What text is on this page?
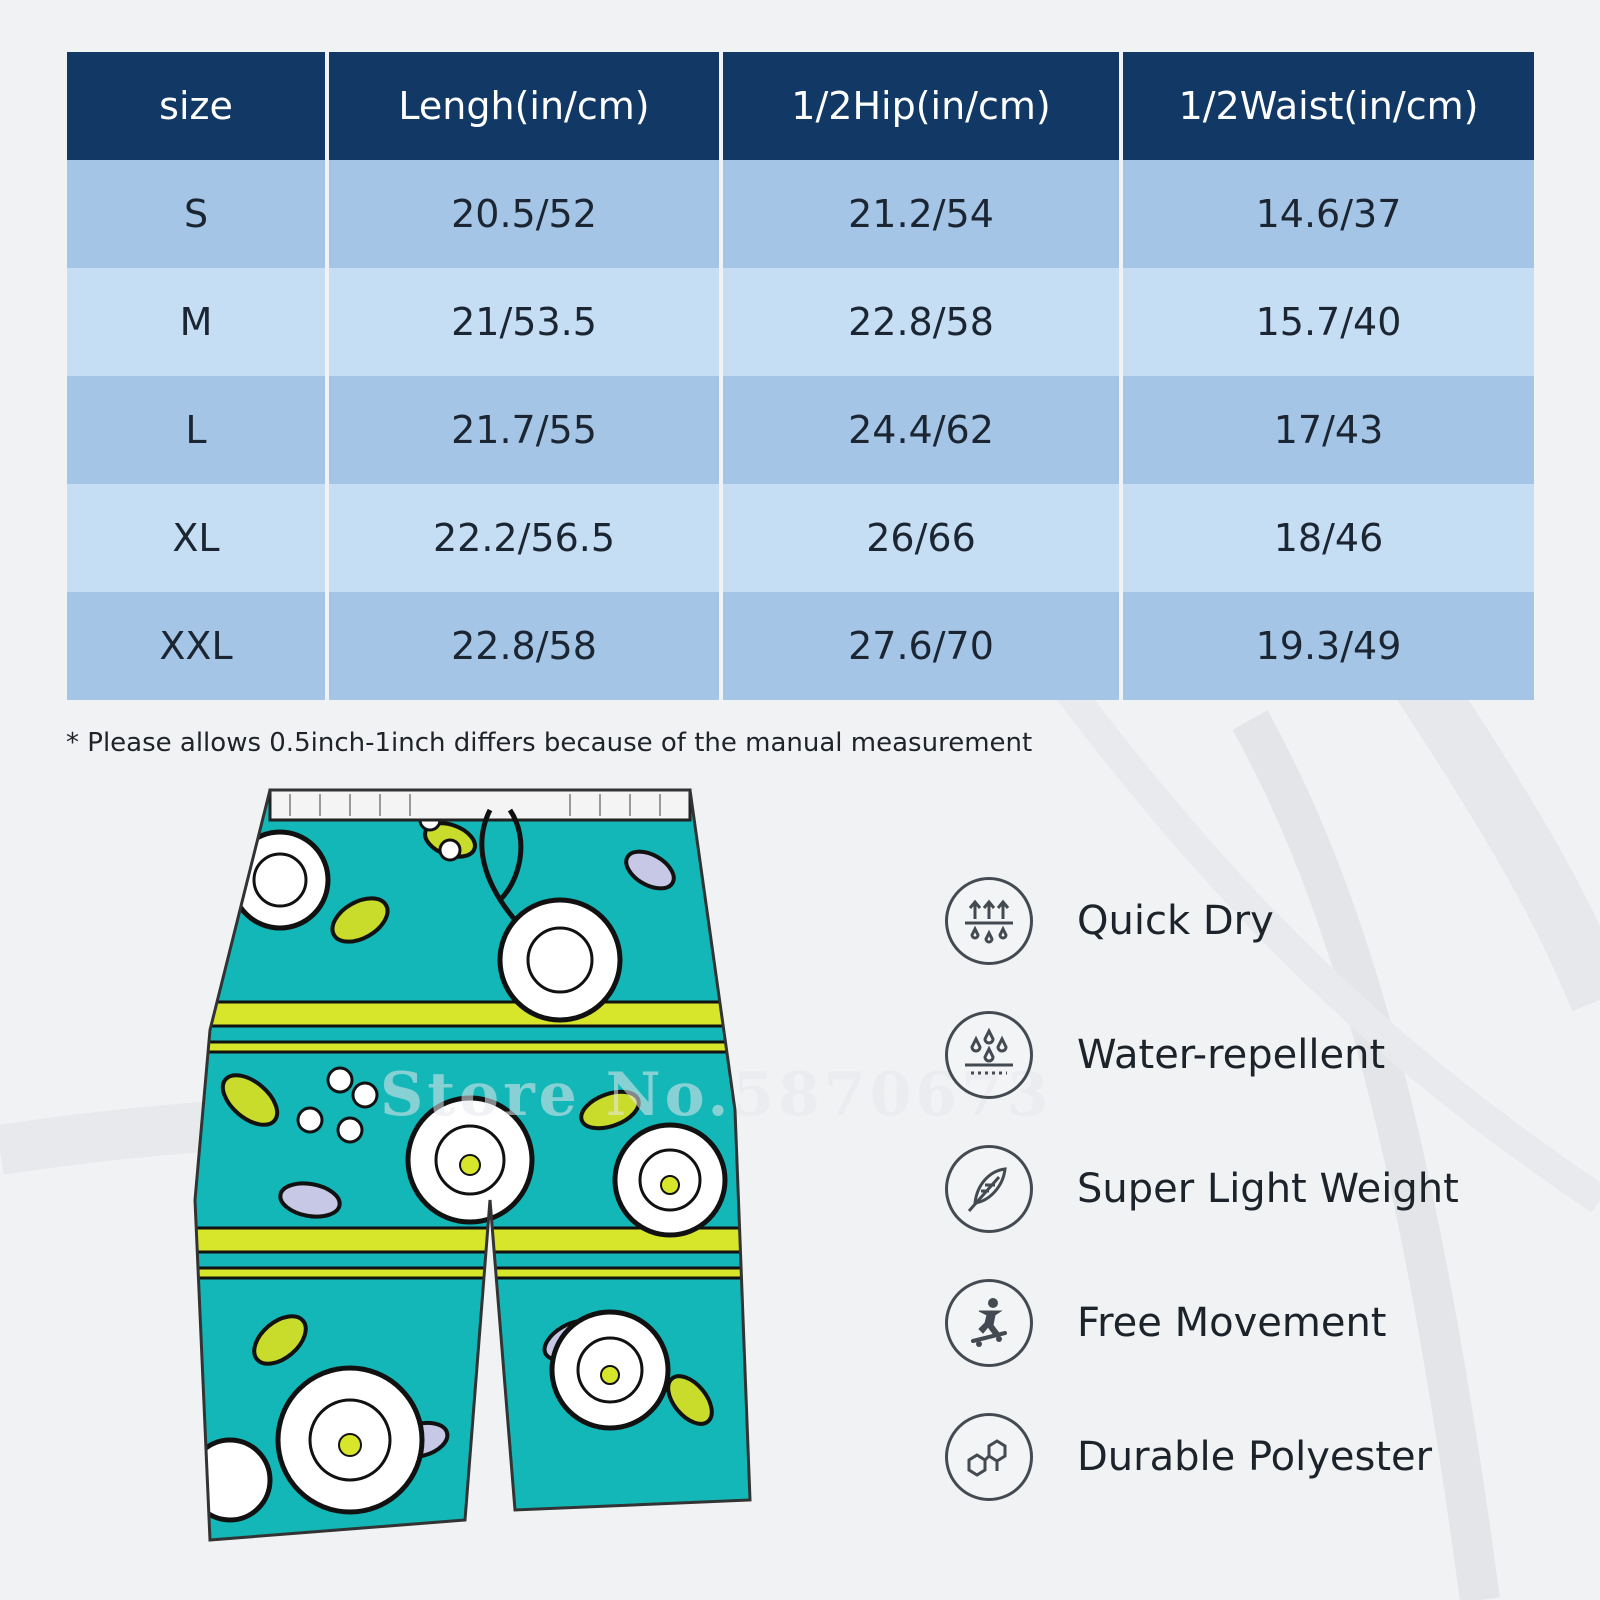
size	Lengh(in/cm)	1/2Hip(in/cm)	1/2Waist(in/cm)
S	20.5/52	21.2/54	14.6/37
M	21/53.5	22.8/58	15.7/40
L	21.7/55	24.4/62	17/43
XL	22.2/56.5	26/66	18/46
XXL	22.8/58	27.6/70	19.3/49
* Please allows 0.5inch-1inch differs because of the manual measurement
Store No.5870673
Quick Dry
Water-repellent
Super Light Weight
Free Movement
Durable Polyester
